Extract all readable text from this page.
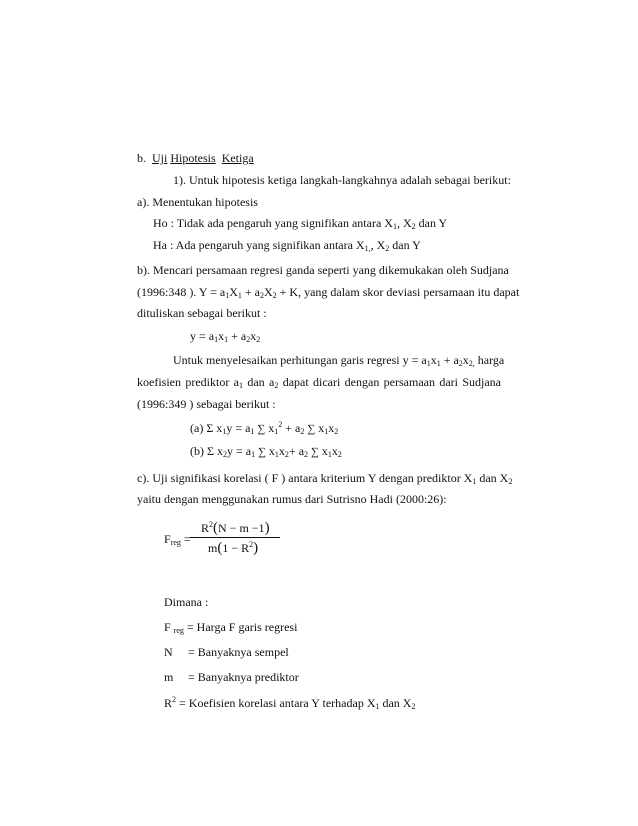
b. Uji Hipotesis Ketiga
1). Untuk hipotesis ketiga langkah-langkahnya adalah sebagai berikut:
a). Menentukan hipotesis
Ho : Tidak ada pengaruh yang signifikan antara $X_1$, $X_2$ dan Y
Ha : Ada pengaruh yang signifikan antara $X_{1,}$, $X_2$ dan Y
b). Mencari persamaan regresi ganda seperti yang dikemukakan oleh Sudjana
(1996:348 ). $Y = a_1X_1 + a_2X_2 + K$, yang dalam skor deviasi persamaan itu dapat
dituliskan sebagai berikut :
$y = a_1x_1 + a_2x_2$
Untuk menyelesaikan perhitungan garis regresi $y = a_1x_1 + a_2x_{2,}$ harga
koefisien prediktor $a_1$ dan $a_2$ dapat dicari dengan persamaan dari Sudjana
(1996:349 ) sebagai berikut :
(a) Σ $x_1y = a_1$ ∑ $x_1^2 + a_2$ ∑ $x_1x_2$
(b) Σ $x_2y = a_1$ ∑ $x_1x_2+ a_2$ ∑ $x_1x_2$
c). Uji signifikasi korelasi ( F ) antara kriterium Y dengan prediktor $X_1$ dan $X_2$
yaitu dengan menggunakan rumus dari Sutrisno Hadi (2000:26):
$F_{reg}$ =
$R^2(N - m -1)$
$m(1 - R^2)$
Dimana :
F $_{reg}$ = Harga F garis regresi
N = Banyaknya sempel
m = Banyaknya prediktor
$R^2$ = Koefisien korelasi antara Y terhadap $X_1$ dan $X_2$
